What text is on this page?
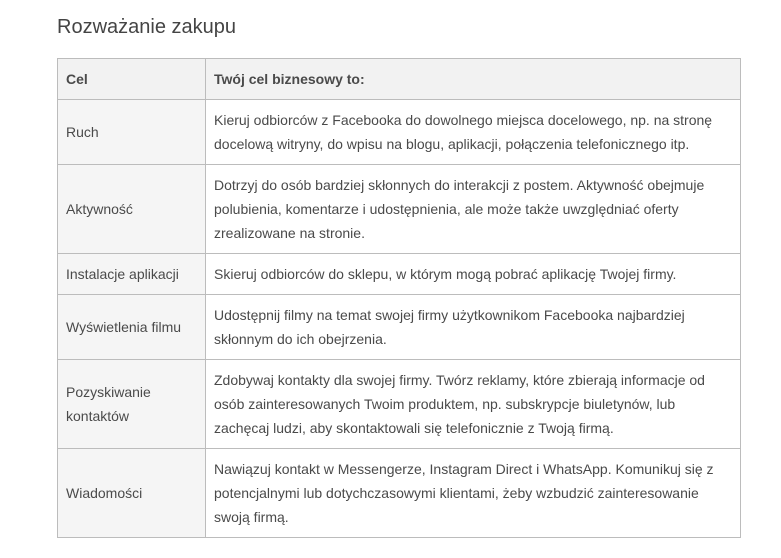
Rozważanie zakupu
Cel	Twój cel biznesowy to:
Ruch	Kieruj odbiorców z Facebooka do dowolnego miejsca docelowego, np. na stronę docelową witryny, do wpisu na blogu, aplikacji, połączenia telefonicznego itp.
Aktywność	Dotrzyj do osób bardziej skłonnych do interakcji z postem. Aktywność obejmuje polubienia, komentarze i udostępnienia, ale może także uwzględniać oferty zrealizowane na stronie.
Instalacje aplikacji	Skieruj odbiorców do sklepu, w którym mogą pobrać aplikację Twojej firmy.
Wyświetlenia filmu	Udostępnij filmy na temat swojej firmy użytkownikom Facebooka najbardziej skłonnym do ich obejrzenia.
Pozyskiwanie kontaktów	Zdobywaj kontakty dla swojej firmy. Twórz reklamy, które zbierają informacje od osób zainteresowanych Twoim produktem, np. subskrypcje biuletynów, lub zachęcaj ludzi, aby skontaktowali się telefonicznie z Twoją firmą.
Wiadomości	Nawiązuj kontakt w Messengerze, Instagram Direct i WhatsApp. Komunikuj się z potencjalnymi lub dotychczasowymi klientami, żeby wzbudzić zainteresowanie swoją firmą.
